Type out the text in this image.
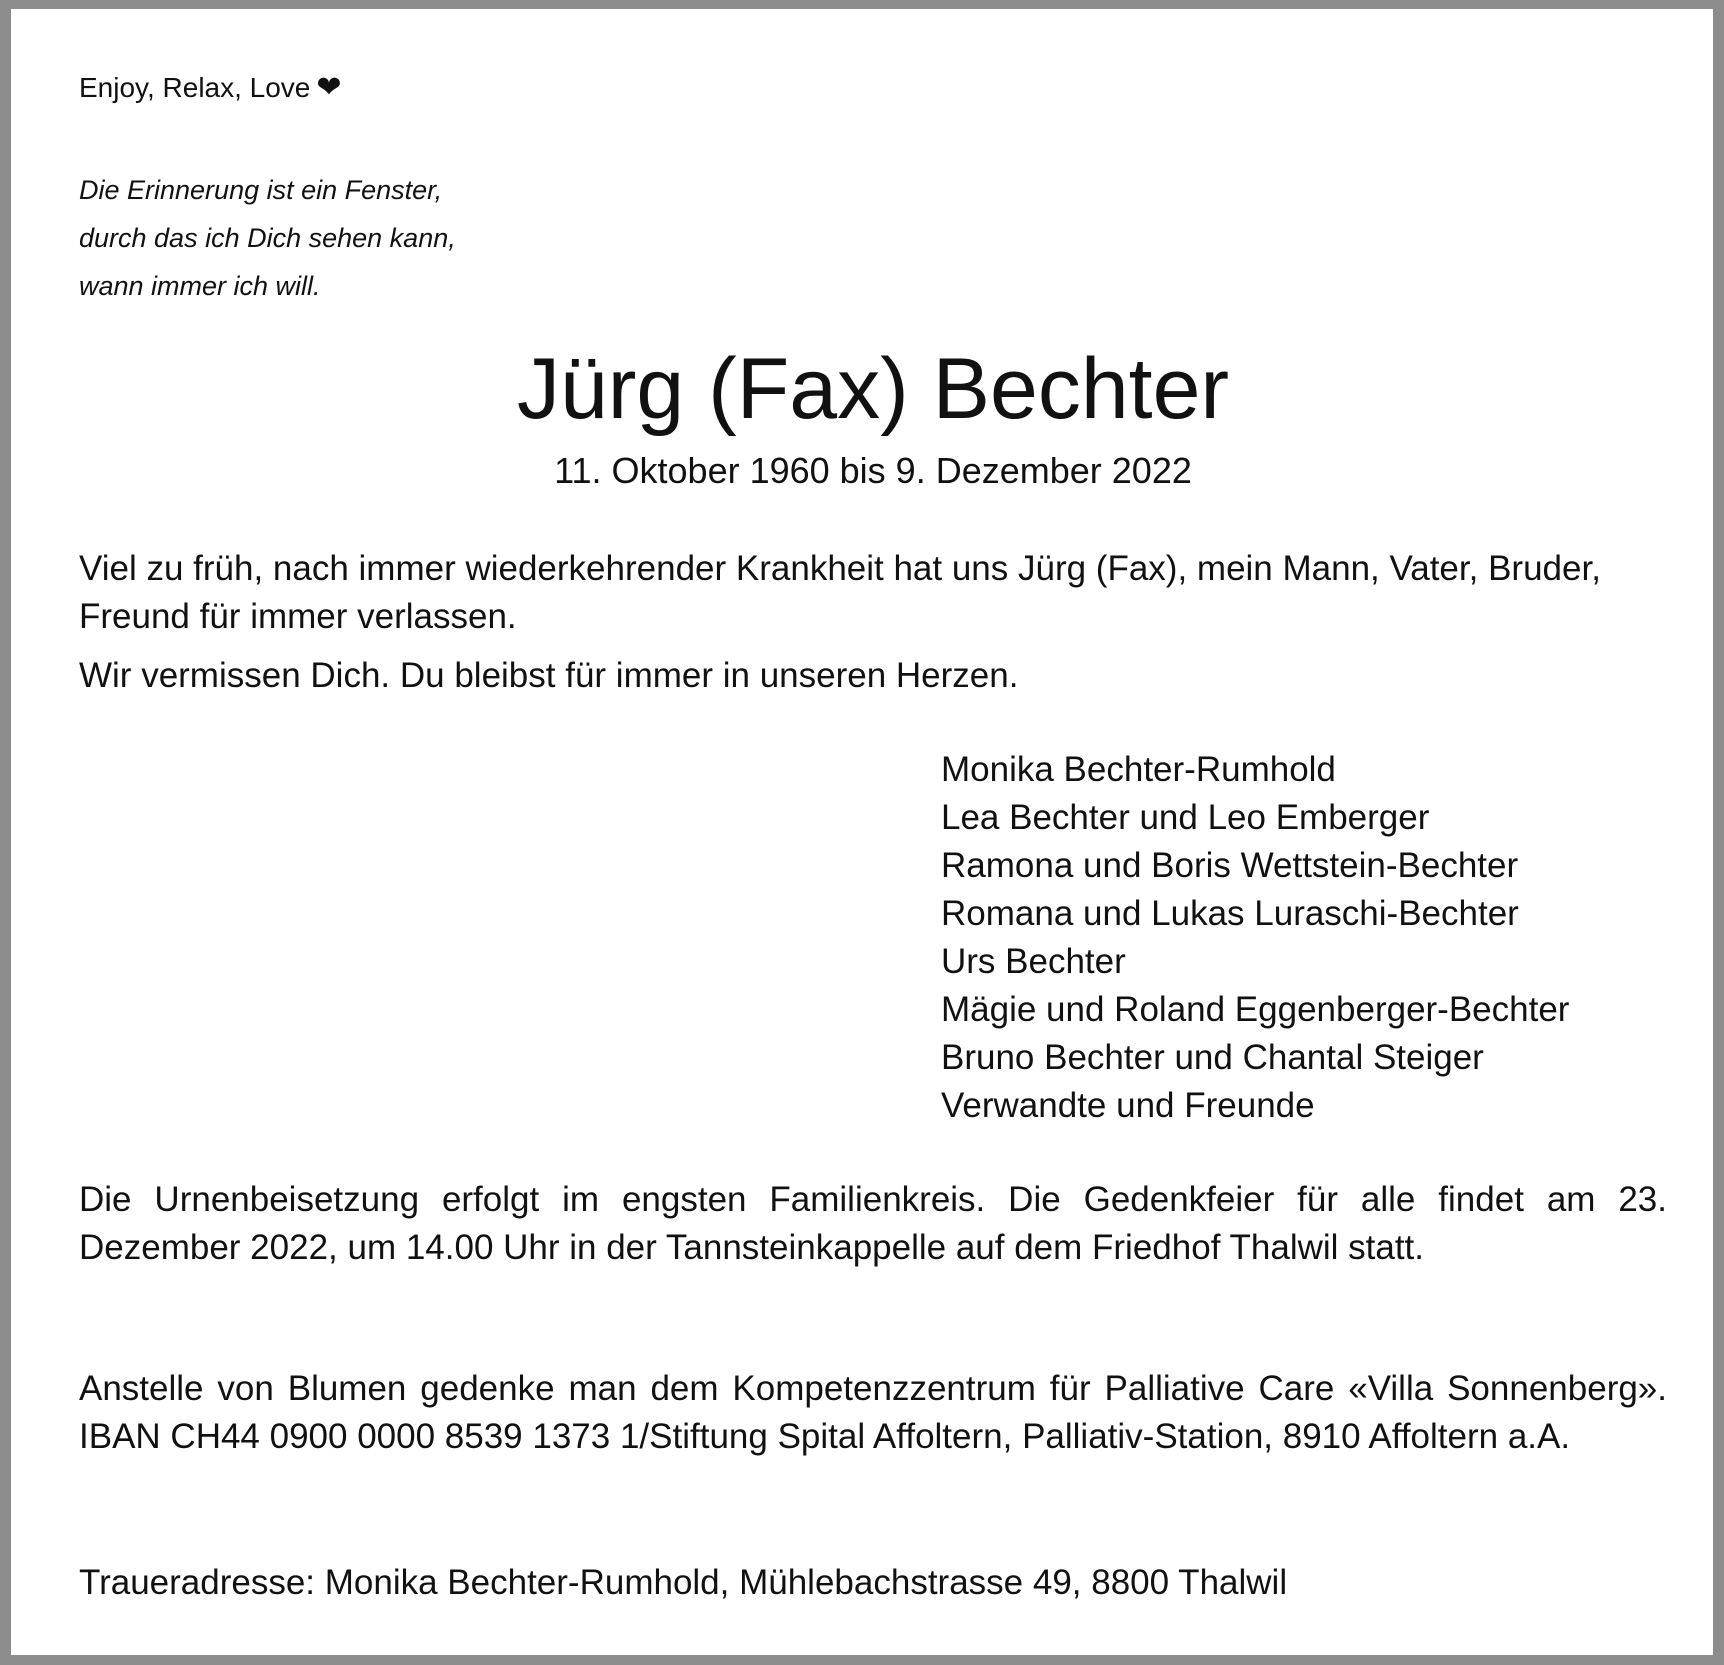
Enjoy, Relax, Love ❤
Die Erinnerung ist ein Fenster,
durch das ich Dich sehen kann,
wann immer ich will.
Jürg (Fax) Bechter
11. Oktober 1960 bis 9. Dezember 2022
Viel zu früh, nach immer wiederkehrender Krankheit hat uns Jürg (Fax), mein Mann, Vater, Bruder, Freund für immer verlassen.
Wir vermissen Dich. Du bleibst für immer in unseren Herzen.
Monika Bechter-Rumhold
Lea Bechter und Leo Emberger
Ramona und Boris Wettstein-Bechter
Romana und Lukas Luraschi-Bechter
Urs Bechter
Mägie und Roland Eggenberger-Bechter
Bruno Bechter und Chantal Steiger
Verwandte und Freunde
Die Urnenbeisetzung erfolgt im engsten Familienkreis. Die Gedenkfeier für alle findet am 23. Dezember 2022, um 14.00 Uhr in der Tannsteinkappelle auf dem Friedhof Thalwil statt.
Anstelle von Blumen gedenke man dem Kompetenzzentrum für Palliative Care «Villa Sonnenberg». IBAN CH44 0900 0000 8539 1373 1/Stiftung Spital Affoltern, Palliativ-Station, 8910 Affoltern a.A.
Traueradresse: Monika Bechter-Rumhold, Mühlebachstrasse 49, 8800 Thalwil
